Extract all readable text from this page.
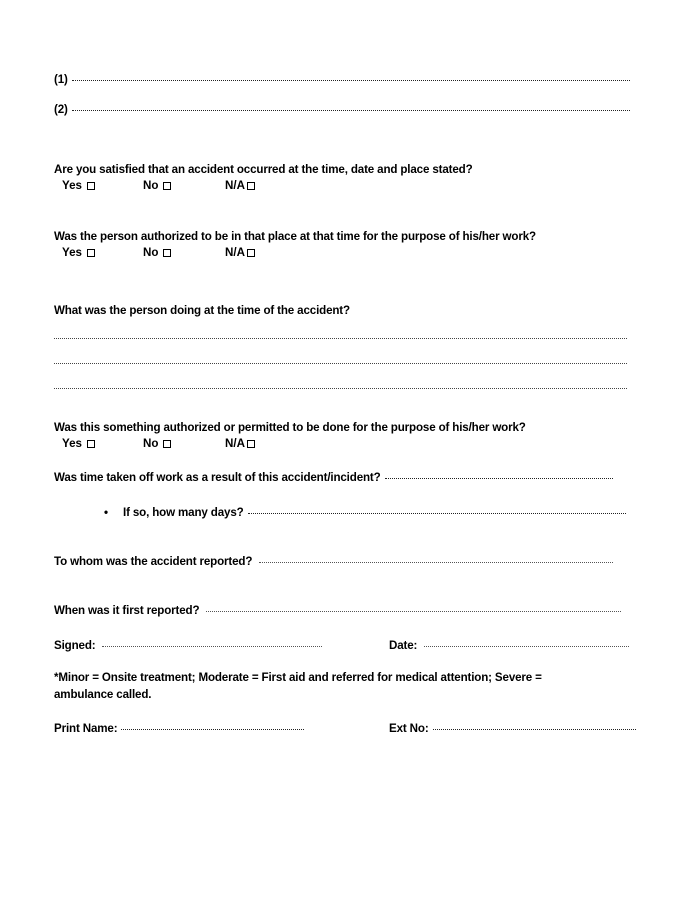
(1)
(2)
Are you satisfied that an accident occurred at the time, date and place stated?
Yes	No	N/A
Was the person authorized to be in that place at that time for the purpose of his/her work?
Yes	No	N/A
What was the person doing at the time of the accident?
Was this something authorized or permitted to be done for the purpose of his/her work?
Yes	No	N/A
Was time taken off work as a result of this accident/incident?
• If so, how many days?
To whom was the accident reported?
When was it first reported?
Signed:	Date:
*Minor = Onsite treatment; Moderate = First aid and referred for medical attention; Severe =
ambulance called.
Print Name:	Ext No:
